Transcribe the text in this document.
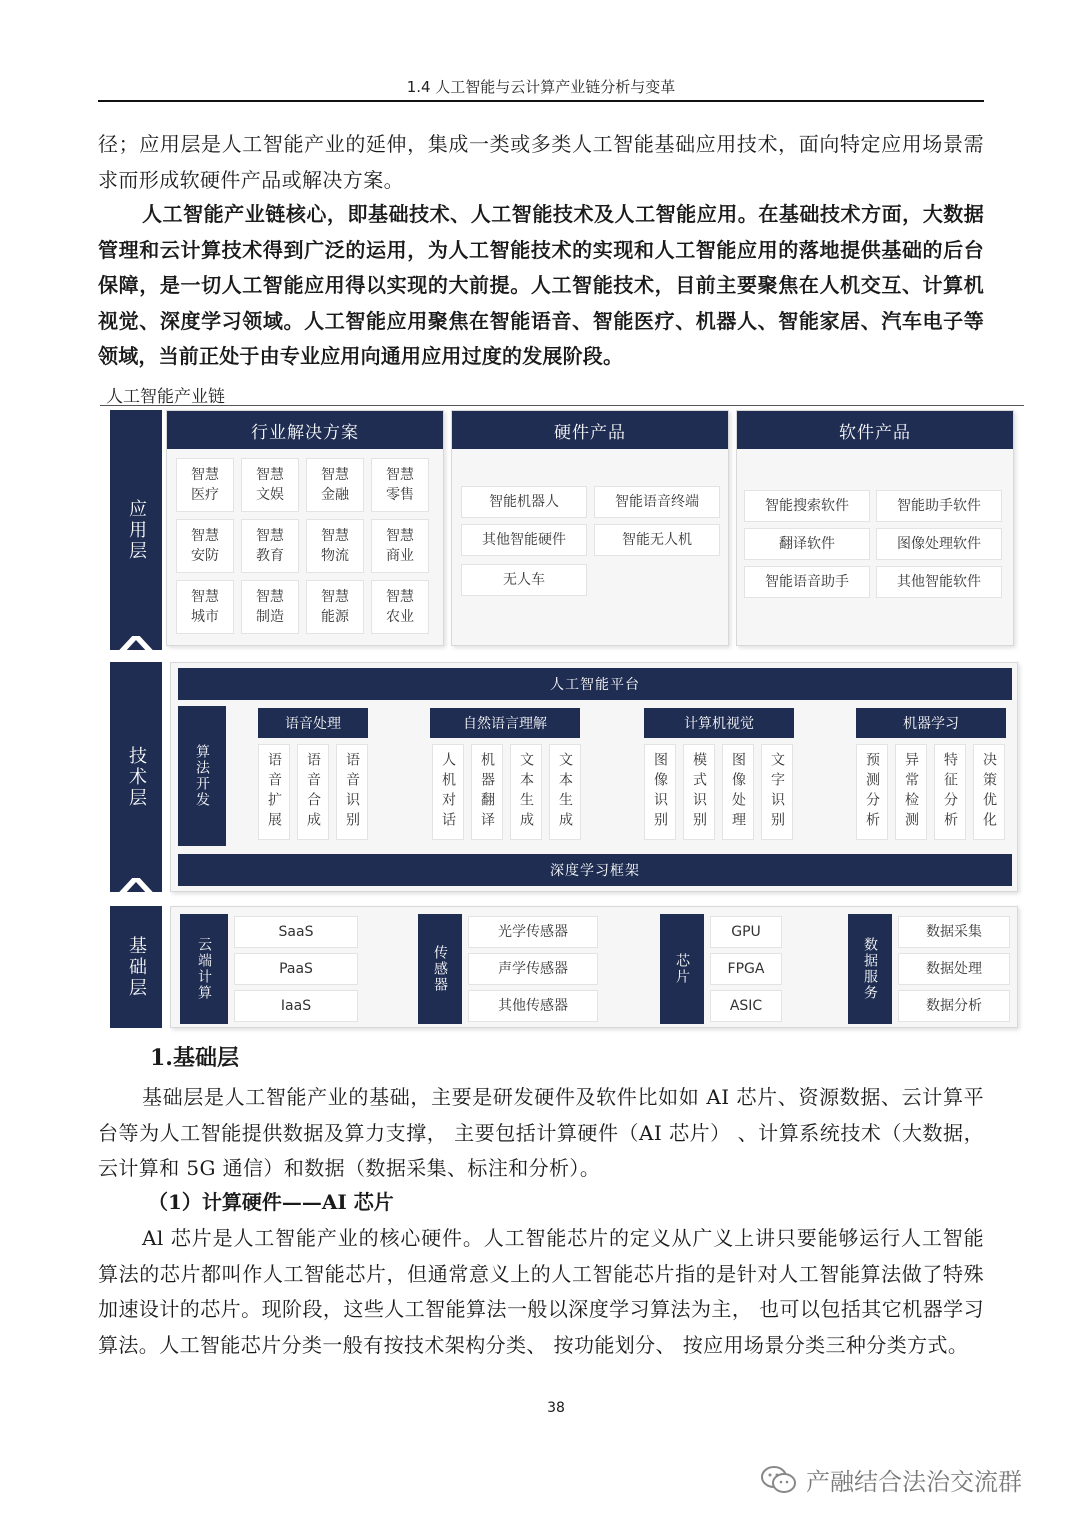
1.4 人工智能与云计算产业链分析与变革
径；应用层是人工智能产业的延伸，集成一类或多类人工智能基础应用技术，面向特定应用场景需求而形成软硬件产品或解决方案。
人工智能产业链核心，即基础技术、人工智能技术及人工智能应用。在基础技术方面，大数据管理和云计算技术得到广泛的运用，为人工智能技术的实现和人工智能应用的落地提供基础的后台保障，是一切人工智能应用得以实现的大前提。人工智能技术，目前主要聚焦在人机交互、计算机视觉、深度学习领域。人工智能应用聚焦在智能语音、智能医疗、机器人、智能家居、汽车电子等领域，当前正处于由专业应用向通用应用过度的发展阶段。
人工智能产业链
应用层
技术层
基础层
行业解决方案
智慧
医疗
智慧
文娱
智慧
金融
智慧
零售
智慧
安防
智慧
教育
智慧
物流
智慧
商业
智慧
城市
智慧
制造
智慧
能源
智慧
农业
硬件产品
智能机器人	智能语音终端
其他智能硬件	智能无人机
无人车
软件产品
智能搜索软件	智能助手软件
翻译软件	图像处理软件
智能语音助手	其他智能软件
人工智能平台
算法开发
语音处理
语音扩展	语音合成	语音识别
自然语言理解
人机对话	机器翻译	文本生成	文本生成
计算机视觉
图像识别	模式识别	图像处理	文字识别
机器学习
预测分析	异常检测	特征分析	决策优化
深度学习框架
云端计算
SaaS
PaaS
IaaS
传感器
光学传感器
声学传感器
其他传感器
芯片
GPU
FPGA
ASIC
数据服务
数据采集
数据处理
数据分析
1.基础层
基础层是人工智能产业的基础，主要是研发硬件及软件比如如 AI 芯片、资源数据、云计算平台等为人工智能提供数据及算力支撑， 主要包括计算硬件（AI 芯片） 、计算系统技术（大数据，云计算和 5G 通信）和数据（数据采集、标注和分析）。
（1）计算硬件——AI 芯片
Al 芯片是人工智能产业的核心硬件。人工智能芯片的定义从广义上讲只要能够运行人工智能算法的芯片都叫作人工智能芯片，但通常意义上的人工智能芯片指的是针对人工智能算法做了特殊加速设计的芯片。现阶段，这些人工智能算法一般以深度学习算法为主， 也可以包括其它机器学习算法。人工智能芯片分类一般有按技术架构分类、 按功能划分、 按应用场景分类三种分类方式。
38
产融结合法治交流群
